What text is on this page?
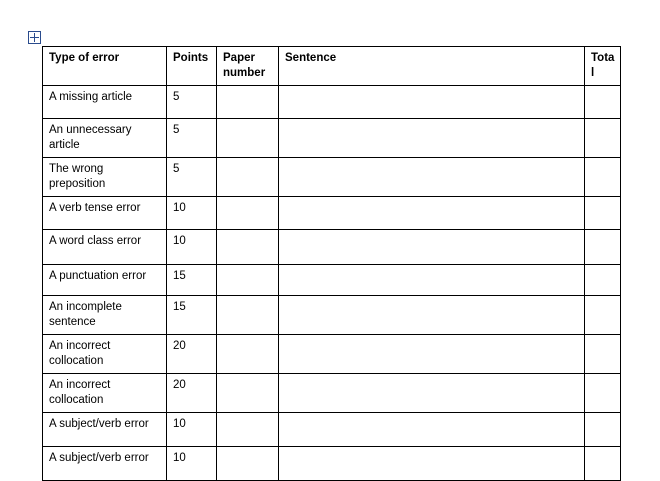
Type of error	Points	Paper number	Sentence	Total
A missing article	5			
An unnecessary article	5			
The wrong preposition	5			
A verb tense error	10			
A word class error	10			
A punctuation error	15			
An incomplete sentence	15			
An incorrect collocation	20			
An incorrect collocation	20			
A subject/verb error	10			
A subject/verb error	10			
